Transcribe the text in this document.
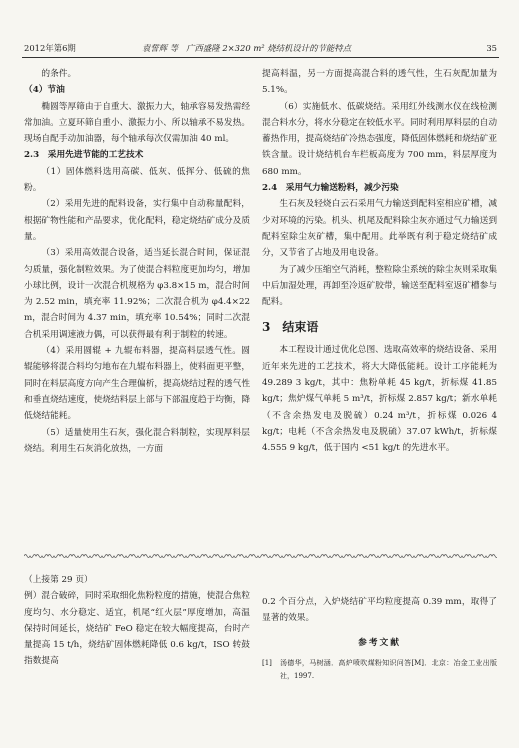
2012年第6期	袁誓辉 等 广西盛隆 2×320 m² 烧结机设计的节能特点	35

的条件。

（4）节油

椭圆等厚筛由于自重大、激振力大，轴承容易发热需经常加油。立夏环筛自重小、激振力小、所以轴承不易发热。现场自配手动加油器，每个轴承每次仅需加油 40 ml。

2.3　采用先进节能的工艺技术

（1）固体燃料选用高碳、低灰、低挥分、低硫的焦粉。

（2）采用先进的配料设备，实行集中自动称量配料，根据矿物性能和产品要求，优化配料，稳定烧结矿成分及质量。

（3）采用高效混合设备，适当延长混合时间，保证混匀质量，强化制粒效果。为了使混合料粒度更加均匀，增加小球比例，设计一次混合机规格为 φ3.8×15 m，混合时间为 2.52 min，填充率 11.92%；二次混合机为 φ4.4×22 m，混合时间为 4.37 min，填充率 10.54%；同时二次混合机采用调速液力偶，可以获得最有利于制粒的转速。

（4）采用圆辊 + 九辊布料器，提高料层透气性。圆辊能够将混合料均匀地布在九辊布料器上，使料面更平整，同时在料层高度方向产生合理偏析，提高烧结过程的透气性和垂直烧结速度，使烧结料层上部与下部温度趋于均衡，降低烧结能耗。

（5）适量使用生石灰，强化混合料制粒，实现厚料层烧结。利用生石灰消化放热，一方面

提高料温，另一方面提高混合料的透气性，生石灰配加量为 5.1%。

（6）实施低水、低碳烧结。采用红外线测水仪在线检测混合料水分，将水分稳定在较低水平。同时利用厚料层的自动蓄热作用，提高烧结矿冷热态强度，降低固体燃耗和烧结矿亚铁含量。设计烧结机台车栏板高度为 700 mm，料层厚度为 680 mm。

2.4　采用气力输送粉料，减少污染

生石灰及轻烧白云石采用气力输送到配料室相应矿槽，减少对环境的污染。机头、机尾及配料除尘灰亦通过气力输送到配料室除尘灰矿槽，集中配用。此举既有利于稳定烧结矿成分，又节省了占地及用电设备。

为了减少压缩空气消耗，整粒除尘系统的除尘灰则采取集中后加湿处理，再卸至冷返矿胶带，输送至配料室返矿槽参与配料。

3　结束语

本工程设计通过优化总图、选取高效率的烧结设备、采用近年来先进的工艺技术，将大大降低能耗。设计工序能耗为 49.289 3 kg/t，其中：焦粉单耗 45 kg/t，折标煤 41.85 kg/t；焦炉煤气单耗 5 m³/t，折标煤 2.857 kg/t；新水单耗（不含余热发电及脱硫）0.24 m³/t，折标煤 0.026 4 kg/t；电耗（不含余热发电及脱硫）37.07 kWh/t，折标煤 4.555 9 kg/t，低于国内 <51 kg/t 的先进水平。

（上接第 29 页）

例）混合破碎，同时采取细化焦粉粒度的措施，使混合焦粒度均匀、水分稳定、适宜，机尾“红火层”厚度增加，高温保持时间延长，烧结矿 FeO 稳定在较大幅度提高，台时产量提高 15 t/h，烧结矿固体燃耗降低 0.6 kg/t，ISO 转鼓指数提高

0.2 个百分点，入炉烧结矿平均粒度提高 0.39 mm，取得了显著的效果。

参考文献

[1]	汤德华，马树涵．高炉喷吹煤粉知识问答[M]．北京：冶金工业出版社，1997.
